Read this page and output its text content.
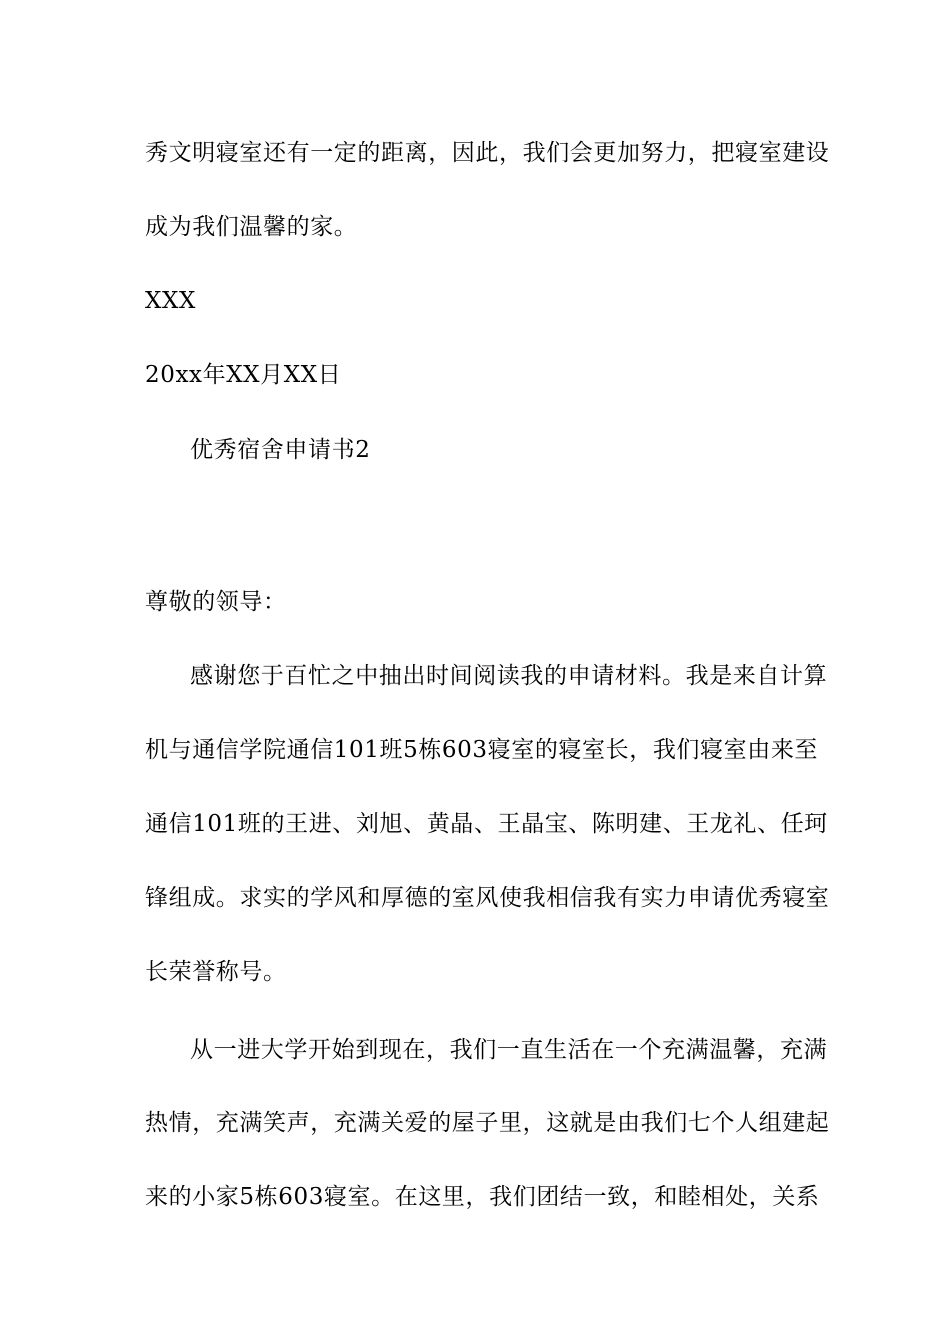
秀文明寝室还有一定的距离，因此，我们会更加努力，把寝室建设
成为我们温馨的家。
XXX
20xx年XX月XX日
优秀宿舍申请书2
尊敬的领导：
感谢您于百忙之中抽出时间阅读我的申请材料。我是来自计算
机与通信学院通信101班5栋603寝室的寝室长，我们寝室由来至
通信101班的王进、刘旭、黄晶、王晶宝、陈明建、王龙礼、任珂
锋组成。求实的学风和厚德的室风使我相信我有实力申请优秀寝室
长荣誉称号。
从一进大学开始到现在，我们一直生活在一个充满温馨，充满
热情，充满笑声，充满关爱的屋子里，这就是由我们七个人组建起
来的小家5栋603寝室。在这里，我们团结一致，和睦相处，关系
